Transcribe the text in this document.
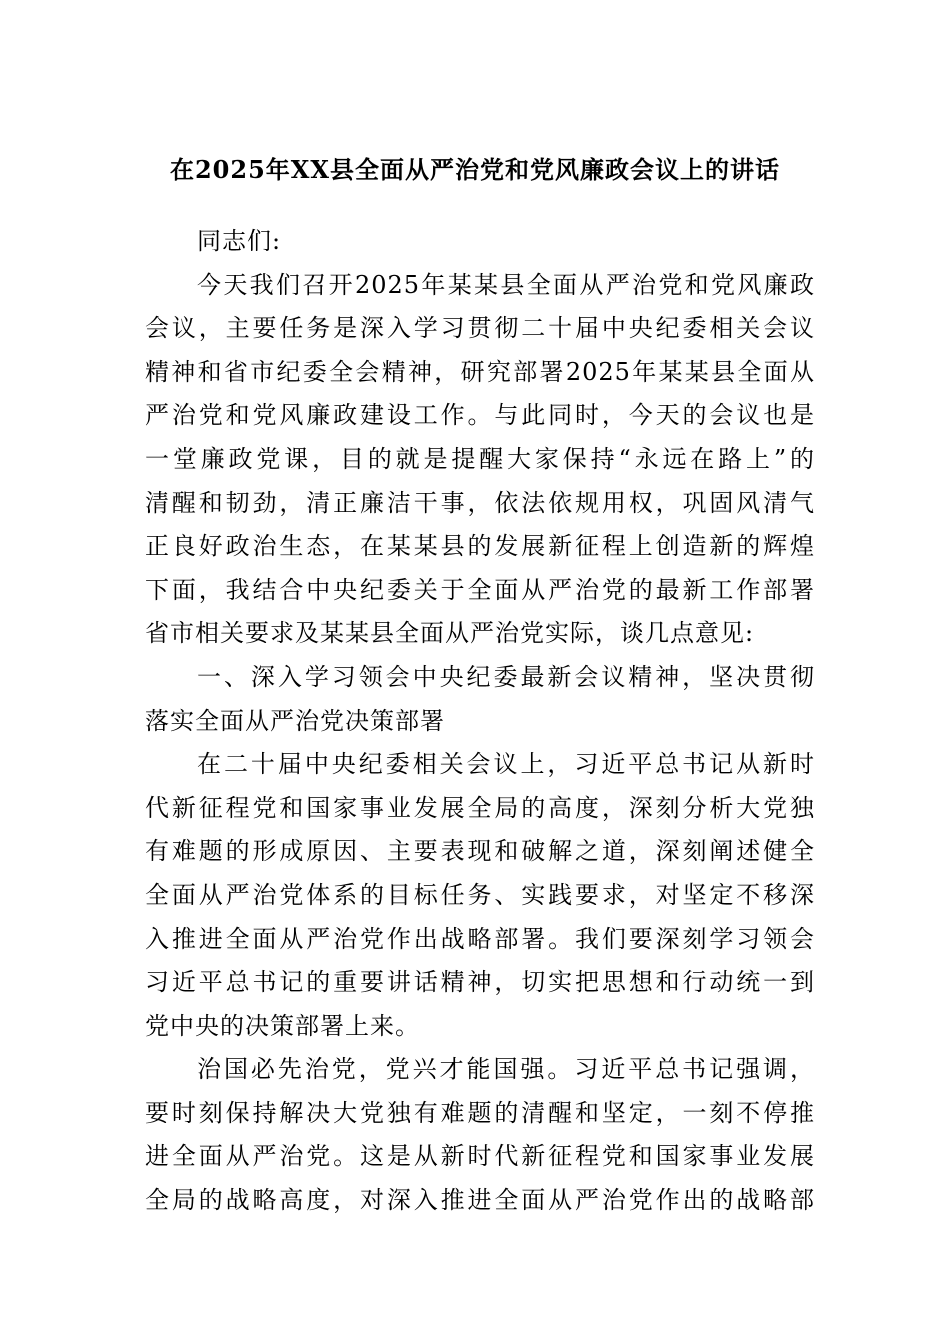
在2025年XX县全面从严治党和党风廉政会议上的讲话
同志们:
今天我们召开2025年某某县全面从严治党和党风廉政
会议，主要任务是深入学习贯彻二十届中央纪委相关会议
精神和省市纪委全会精神，研究部署2025年某某县全面从
严治党和党风廉政建设工作。与此同时，今天的会议也是
一堂廉政党课，目的就是提醒大家保持“永远在路上”的
清醒和韧劲，清正廉洁干事，依法依规用权，巩固风清气
正良好政治生态，在某某县的发展新征程上创造新的辉煌
下面，我结合中央纪委关于全面从严治党的最新工作部署
省市相关要求及某某县全面从严治党实际，谈几点意见:
一、深入学习领会中央纪委最新会议精神，坚决贯彻
落实全面从严治党决策部署
在二十届中央纪委相关会议上，习近平总书记从新时
代新征程党和国家事业发展全局的高度，深刻分析大党独
有难题的形成原因、主要表现和破解之道，深刻阐述健全
全面从严治党体系的目标任务、实践要求，对坚定不移深
入推进全面从严治党作出战略部署。我们要深刻学习领会
习近平总书记的重要讲话精神，切实把思想和行动统一到
党中央的决策部署上来。
治国必先治党，党兴才能国强。习近平总书记强调，
要时刻保持解决大党独有难题的清醒和坚定，一刻不停推
进全面从严治党。这是从新时代新征程党和国家事业发展
全局的战略高度，对深入推进全面从严治党作出的战略部
